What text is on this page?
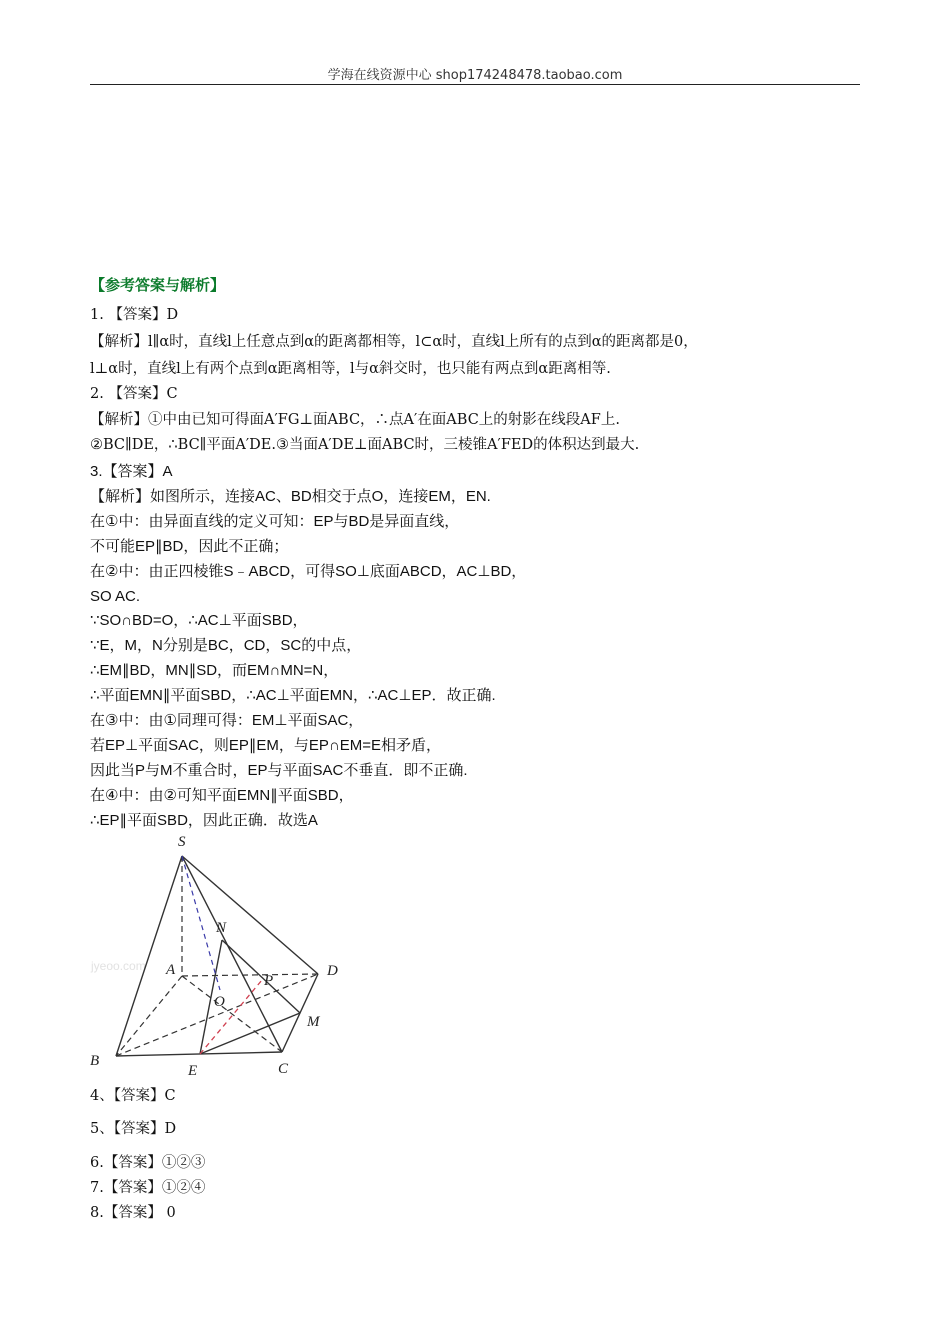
学海在线资源中心 shop174248478.taobao.com
【参考答案与解析】
1. 【答案】D
【解析】l∥α时，直线l上任意点到α的距离都相等，l⊂α时，直线l上所有的点到α的距离都是0，
l⊥α时，直线l上有两个点到α距离相等，l与α斜交时，也只能有两点到α距离相等.
2. 【答案】C
【解析】①中由已知可得面A′FG⊥面ABC，∴点A′在面ABC上的射影在线段AF上.
②BC∥DE，∴BC∥平面A′DE.③当面A′DE⊥面ABC时，三棱锥A′FED的体积达到最大.
3.【答案】A
【解析】如图所示，连接AC、BD相交于点O，连接EM，EN.
在①中：由异面直线的定义可知：EP与BD是异面直线，
不可能EP∥BD，因此不正确；
在②中：由正四棱锥S﹣ABCD，可得SO⊥底面ABCD，AC⊥BD，
SO AC.
∵SO∩BD=O，∴AC⊥平面SBD，
∵E，M，N分别是BC，CD，SC的中点，
∴EM∥BD，MN∥SD，而EM∩MN=N，
∴平面EMN∥平面SBD，∴AC⊥平面EMN，∴AC⊥EP．故正确.
在③中：由①同理可得：EM⊥平面SAC，
若EP⊥平面SAC，则EP∥EM，与EP∩EM=E相矛盾，
因此当P与M不重合时，EP与平面SAC不垂直．即不正确.
在④中：由②可知平面EMN∥平面SBD，
∴EP∥平面SBD，因此正确．故选A
jyeoo.com
S
N
A	D
P
O
M
B
E	C
4、【答案】C
5、【答案】D
6.【答案】①②③
7.【答案】①②④
8.【答案】 0
